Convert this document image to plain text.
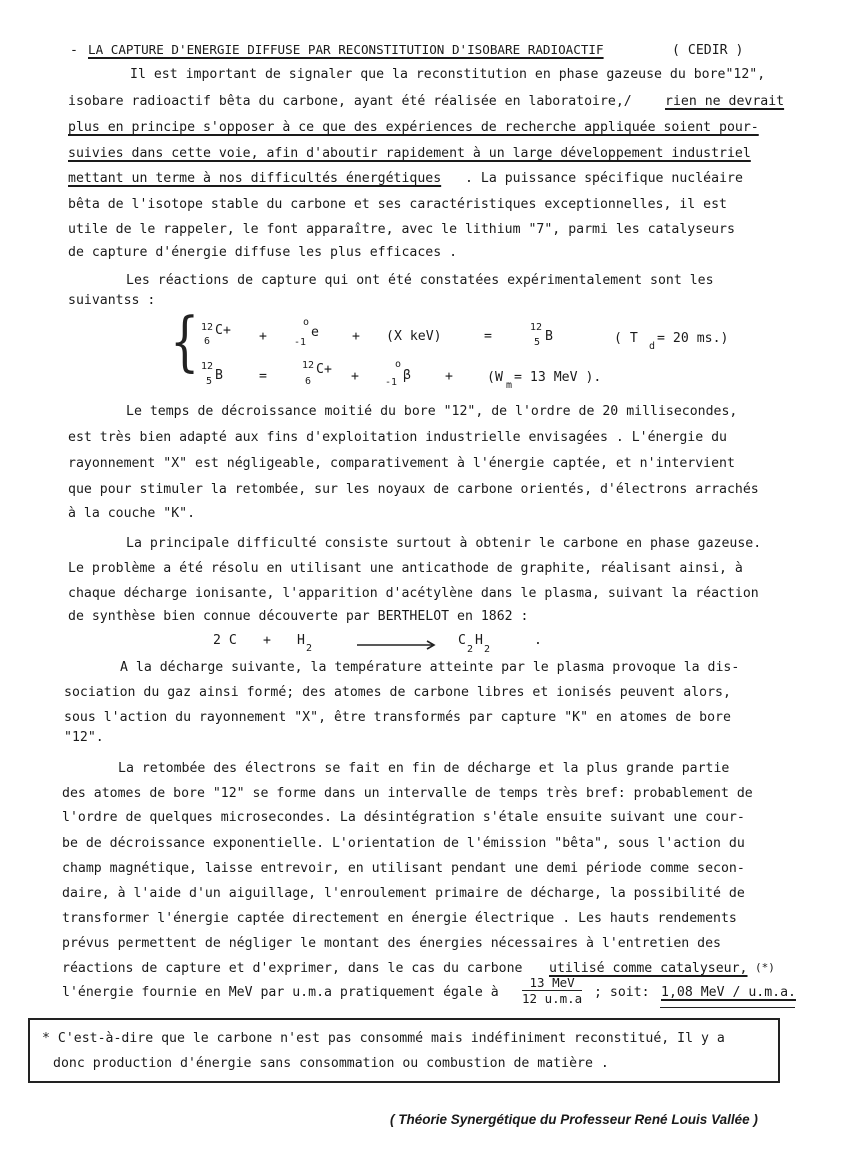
- LA CAPTURE D'ENERGIE DIFFUSE PAR RECONSTITUTION D'ISOBARE RADIOACTIF	( CEDIR )
Il est important de signaler que la reconstitution en phase gazeuse du bore"12",
isobare radioactif bêta du carbone, ayant été réalisée en laboratoire,/	rien ne devrait
plus en principe s'opposer à ce que des expériences de recherche appliquée soient pour-
suivies dans cette voie, afin d'aboutir rapidement à un large développement industriel
mettant un terme à nos difficultés énergétiques . La puissance spécifique nucléaire
bêta de l'isotope stable du carbone et ses caractéristiques exceptionnelles, il est
utile de le rappeler, le font apparaître, avec le lithium "7", parmi les catalyseurs
de capture d'énergie diffuse les plus efficaces .
Les réactions de capture qui ont été constatées expérimentalement sont les
suivantss :
{ 12
6
C+ +
o
-1
e	+ (X keV)	=
12
5 B	( T
d
= 20 ms.)
12
5 B	=
12
6
C+ +
o
-1 β	+	(W
m
= 13 MeV ).
Le temps de décroissance moitié du bore "12", de l'ordre de 20 millisecondes,
est très bien adapté aux fins d'exploitation industrielle envisagées . L'énergie du
rayonnement "X" est négligeable, comparativement à l'énergie captée, et n'intervient
que pour stimuler la retombée, sur les noyaux de carbone orientés, d'électrons arrachés
à la couche "K".
La principale difficulté consiste surtout à obtenir le carbone en phase gazeuse.
Le problème a été résolu en utilisant une anticathode de graphite, réalisant ainsi, à
chaque décharge ionisante, l'apparition d'acétylène dans le plasma, suivant la réaction
de synthèse bien connue découverte par BERTHELOT en 1862 :
2 C + H
2
C
2
H
2
.
A la décharge suivante, la température atteinte par le plasma provoque la dis-
sociation du gaz ainsi formé; des atomes de carbone libres et ionisés peuvent alors,
sous l'action du rayonnement "X", être transformés par capture "K" en atomes de bore
"12".
La retombée des électrons se fait en fin de décharge et la plus grande partie
des atomes de bore "12" se forme dans un intervalle de temps très bref: probablement de
l'ordre de quelques microsecondes. La désintégration s'étale ensuite suivant une cour-
be de décroissance exponentielle. L'orientation de l'émission "bêta", sous l'action du
champ magnétique, laisse entrevoir, en utilisant pendant une demi période comme secon-
daire, à l'aide d'un aiguillage, l'enroulement primaire de décharge, la possibilité de
transformer l'énergie captée directement en énergie électrique . Les hauts rendements
prévus permettent de négliger le montant des énergies nécessaires à l'entretien des
réactions de capture et d'exprimer, dans le cas du carbone utilisé comme catalyseur, (*)
l'énergie fournie en MeV par u.m.a pratiquement égale à
13 MeV
12 u.m.a ; soit: 1,08 MeV / u.m.a.
* C'est-à-dire que le carbone n'est pas consommé mais indéfiniment reconstitué, Il y a
donc production d'énergie sans consommation ou combustion de matière .
( Théorie Synergétique du Professeur René Louis Vallée )
